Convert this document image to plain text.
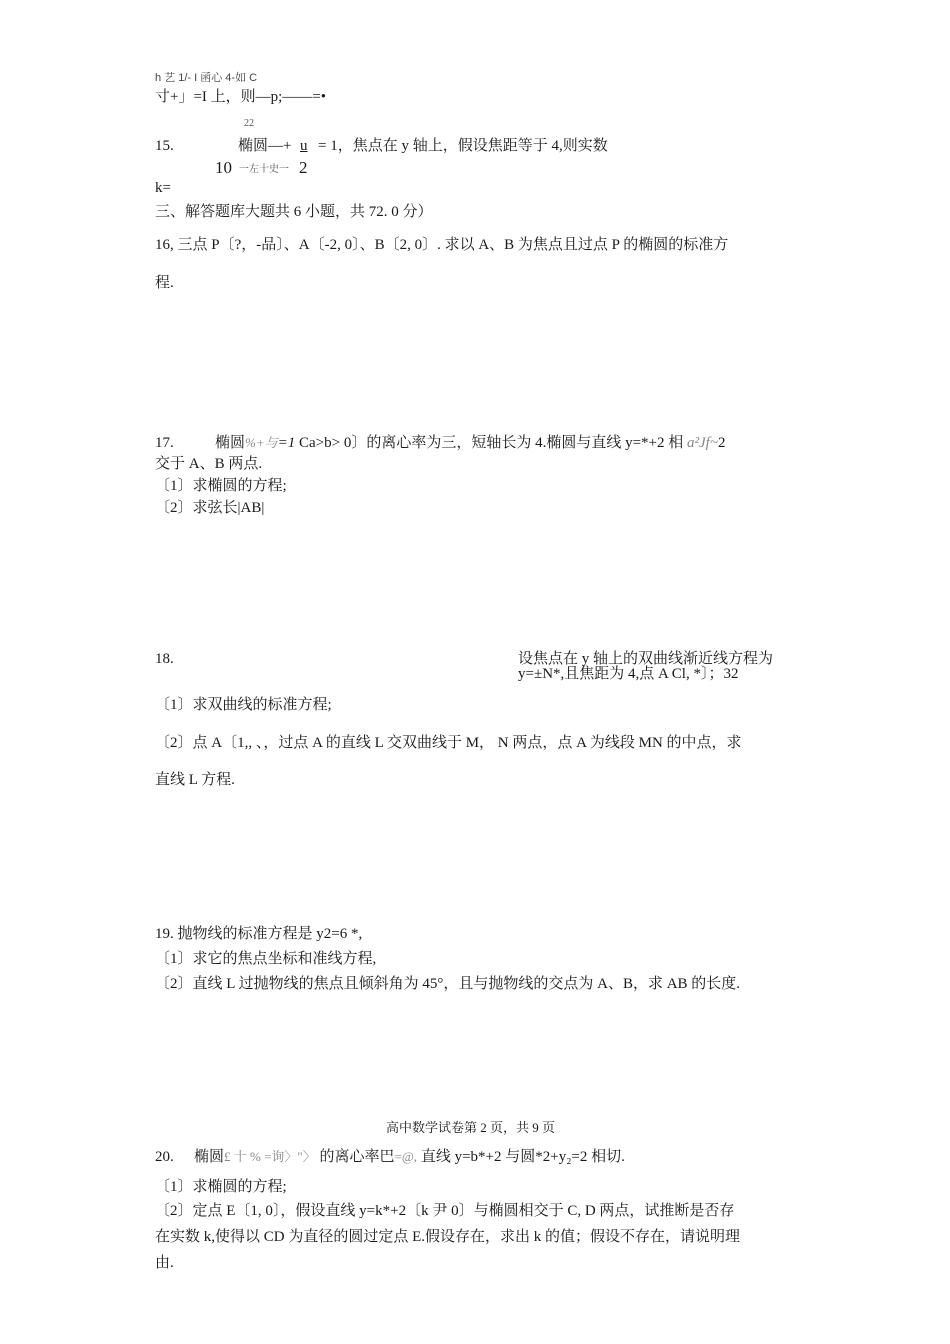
h 艺 1/- I 函心 4-如 C
寸+」=I 上，则—p;——=•
22
15.	椭圆—+ u = 1，焦点在 y 轴上，假设焦距等于 4,则实数
10 一左十史一 2
k=
三、解答题库大题共 6 小题，共 72. 0 分）
16, 三点 P〔?，-品〕、A〔-2, 0〕、B〔2, 0〕. 求以 A、B 为焦点且过点 P 的椭圆的标准方
程.
17.	椭圆%+与=1 Ca>b> 0〕的离心率为三，短轴长为 4.椭圆与直线 y=*+2 相 a²Jf~2
交于 A、B 两点.
〔1〕求椭圆的方程;
〔2〕求弦长|AB|
18.	设焦点在 y 轴上的双曲线渐近线方程为
y=±N*,且焦距为 4,点 A Cl, *〕；32
〔1〕求双曲线的标准方程;
〔2〕点 A〔1,, 、，过点 A 的直线 L 交双曲线于 M， N 两点，点 A 为线段 MN 的中点，求
直线 L 方程.
19. 抛物线的标准方程是 y2=6 *,
〔1〕求它的焦点坐标和准线方程,
〔2〕直线 L 过抛物线的焦点且倾斜角为 45°，且与抛物线的交点为 A、B，求 AB 的长度.
高中数学试卷第 2 页，共 9 页
20. 椭圆£ 十 % =询〉"〉 的离心率巴=@, 直线 y=b*+2 与圆*2+y₂=2 相切.
〔1〕求椭圆的方程;
〔2〕定点 E〔1, 0〕，假设直线 y=k*+2〔k 尹 0〕与椭圆相交于 C, D 两点，试推断是否存
在实数 k,使得以 CD 为直径的圆过定点 E.假设存在，求出 k 的值；假设不存在，请说明理
由.
